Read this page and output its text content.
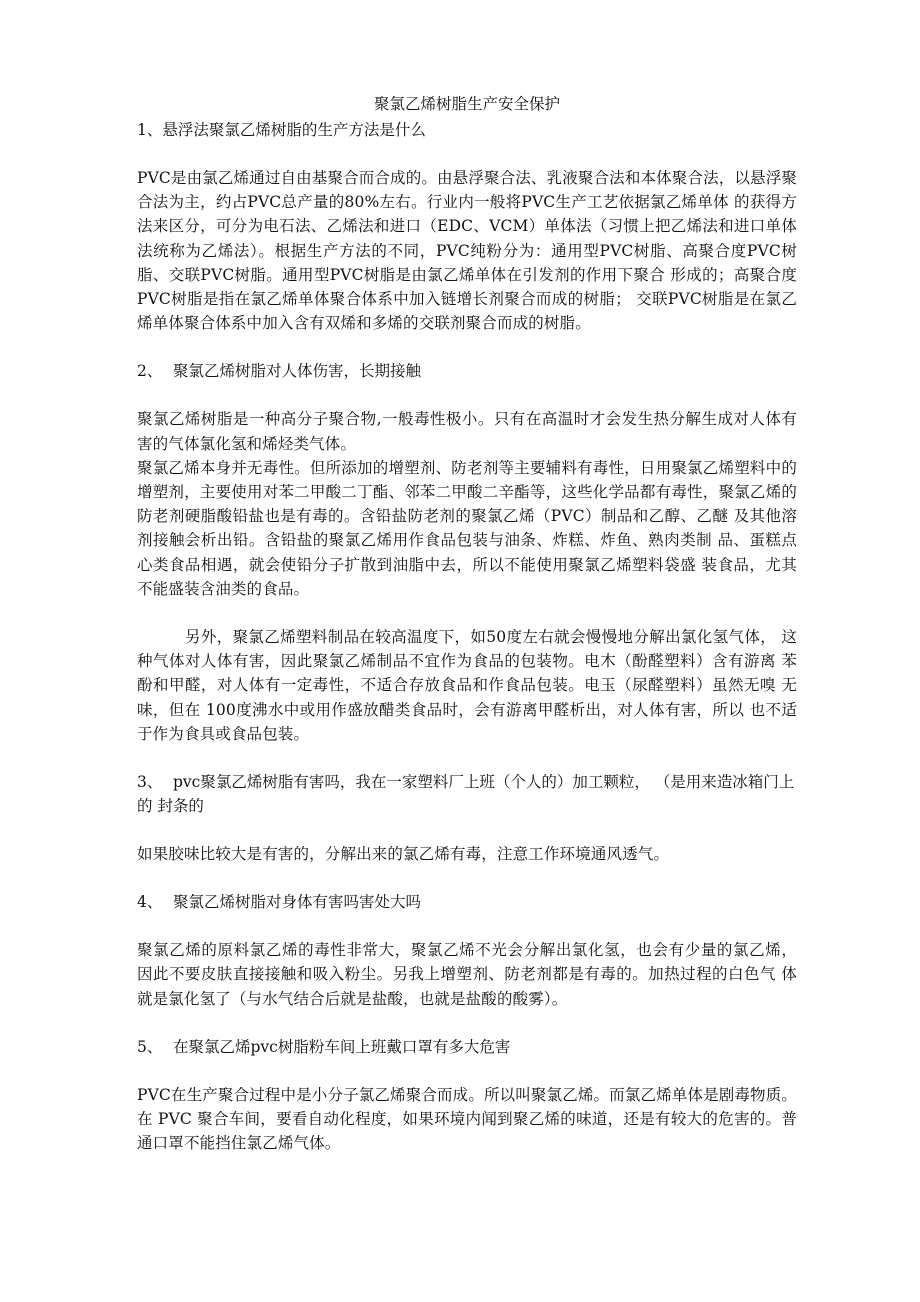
聚氯乙烯树脂生产安全保护
1、悬浮法聚氯乙烯树脂的生产方法是什么

PVC是由氯乙烯通过自由基聚合而合成的。由悬浮聚合法、乳液聚合法和本体聚合法，以悬浮聚合法为主，约占PVC总产量的80%左右。行业内一般将PVC生产工艺依据氯乙烯单体 的获得方法来区分，可分为电石法、乙烯法和进口（EDC、VCM）单体法（习惯上把乙烯法和进口单体法统称为乙烯法）。根据生产方法的不同，PVC纯粉分为：通用型PVC树脂、高聚合度PVC树脂、交联PVC树脂。通用型PVC树脂是由氯乙烯单体在引发剂的作用下聚合 形成的；高聚合度 PVC树脂是指在氯乙烯单体聚合体系中加入链增长剂聚合而成的树脂； 交联PVC树脂是在氯乙烯单体聚合体系中加入含有双烯和多烯的交联剂聚合而成的树脂。

2、 聚氯乙烯树脂对人体伤害，长期接触

聚氯乙烯树脂是一种高分子聚合物,一般毒性极小。只有在高温时才会发生热分解生成对人体有害的气体氯化氢和烯烃类气体。

聚氯乙烯本身并无毒性。但所添加的增塑剂、防老剂等主要辅料有毒性，日用聚氯乙烯塑料中的增塑剂，主要使用对苯二甲酸二丁酯、邻苯二甲酸二辛酯等，这些化学品都有毒性，聚氯乙烯的防老剂硬脂酸铅盐也是有毒的。含铅盐防老剂的聚氯乙烯（PVC）制品和乙醇、乙醚 及其他溶剂接触会析出铅。含铅盐的聚氯乙烯用作食品包装与油条、炸糕、炸鱼、熟肉类制 品、蛋糕点心类食品相遇，就会使铅分子扩散到油脂中去，所以不能使用聚氯乙烯塑料袋盛 装食品，尤其不能盛装含油类的食品。

另外，聚氯乙烯塑料制品在较高温度下，如50度左右就会慢慢地分解出氯化氢气体， 这种气体对人体有害，因此聚氯乙烯制品不宜作为食品的包装物。电木（酚醛塑料）含有游离 苯酚和甲醛，对人体有一定毒性，不适合存放食品和作食品包装。电玉（尿醛塑料）虽然无嗅 无味，但在 100度沸水中或用作盛放醋类食品时，会有游离甲醛析出，对人体有害，所以 也不适于作为食具或食品包装。

3、 pvc聚氯乙烯树脂有害吗，我在一家塑料厂上班（个人的）加工颗粒， （是用来造冰箱门上的 封条的

如果胶味比较大是有害的，分解出来的氯乙烯有毒，注意工作环境通风透气。

4、 聚氯乙烯树脂对身体有害吗害处大吗

聚氯乙烯的原料氯乙烯的毒性非常大，聚氯乙烯不光会分解出氯化氢，也会有少量的氯乙烯， 因此不要皮肤直接接触和吸入粉尘。另我上增塑剂、防老剂都是有毒的。加热过程的白色气 体就是氯化氢了（与水气结合后就是盐酸，也就是盐酸的酸雾）。

5、 在聚氯乙烯pvc树脂粉车间上班戴口罩有多大危害

PVC在生产聚合过程中是小分子氯乙烯聚合而成。所以叫聚氯乙烯。而氯乙烯单体是剧毒物质。在 PVC 聚合车间，要看自动化程度，如果环境内闻到聚乙烯的味道，还是有较大的危害的。普通口罩不能挡住氯乙烯气体。
